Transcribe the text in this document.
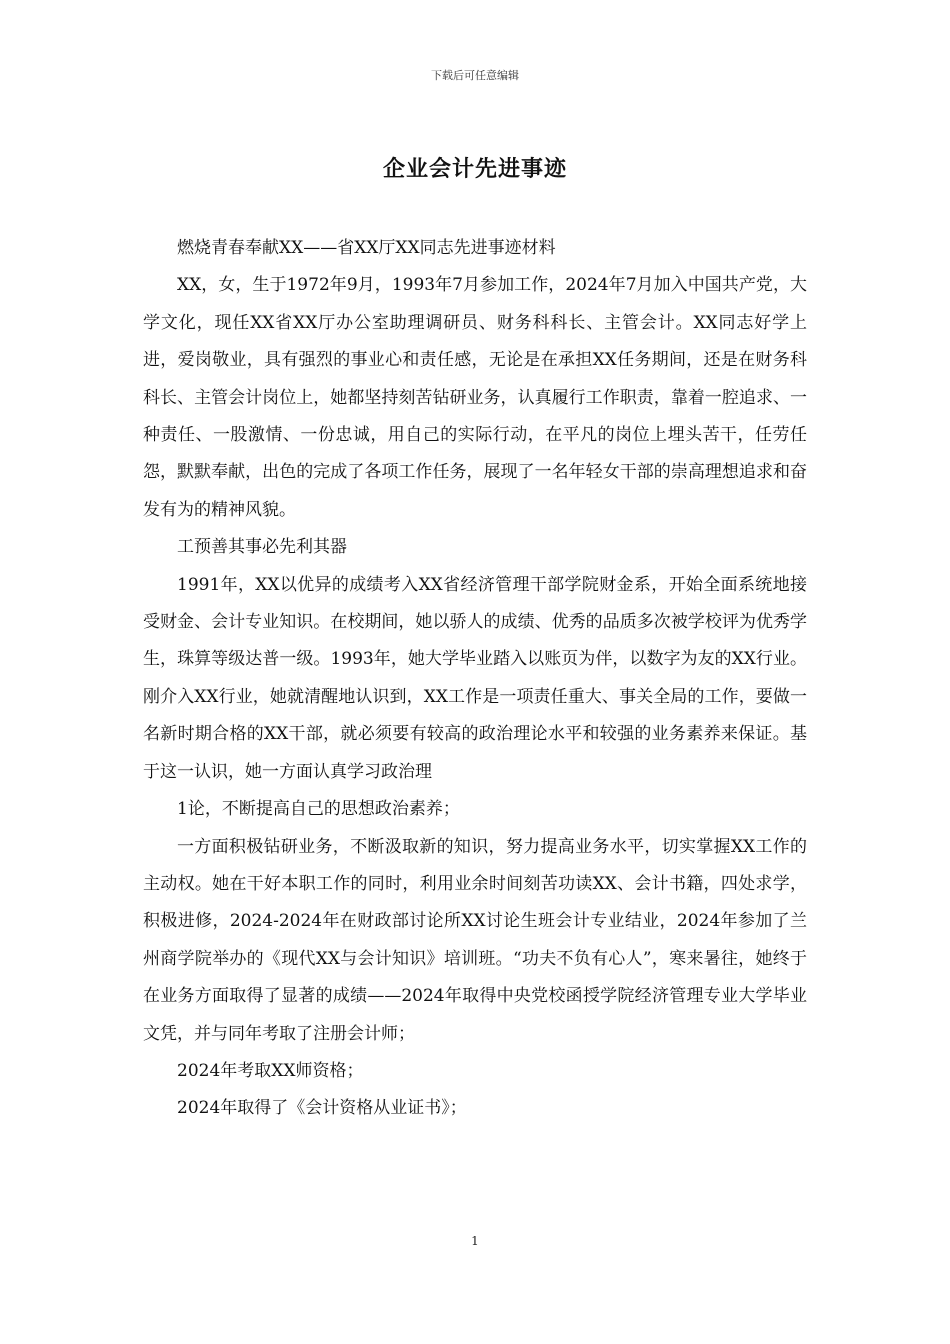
下载后可任意编辑
企业会计先进事迹

燃烧青春奉献XX——省XX厅XX同志先进事迹材料

XX，女，生于1972年9月，1993年7月参加工作，2024年7月加入中国共产党，大学文化，现任XX省XX厅办公室助理调研员、财务科科长、主管会计。XX同志好学上进，爱岗敬业，具有强烈的事业心和责任感，无论是在承担XX任务期间，还是在财务科科长、主管会计岗位上，她都坚持刻苦钻研业务，认真履行工作职责，靠着一腔追求、一种责任、一股激情、一份忠诚，用自己的实际行动，在平凡的岗位上埋头苦干，任劳任怨，默默奉献，出色的完成了各项工作任务，展现了一名年轻女干部的崇高理想追求和奋发有为的精神风貌。

工预善其事必先利其器

1991年，XX以优异的成绩考入XX省经济管理干部学院财金系，开始全面系统地接受财金、会计专业知识。在校期间，她以骄人的成绩、优秀的品质多次被学校评为优秀学生，珠算等级达普一级。1993年，她大学毕业踏入以账页为伴，以数字为友的XX行业。刚介入XX行业，她就清醒地认识到，XX工作是一项责任重大、事关全局的工作，要做一名新时期合格的XX干部，就必须要有较高的政治理论水平和较强的业务素养来保证。基于这一认识，她一方面认真学习政治理

1论，不断提高自己的思想政治素养；

一方面积极钻研业务，不断汲取新的知识，努力提高业务水平，切实掌握XX工作的主动权。她在干好本职工作的同时，利用业余时间刻苦功读XX、会计书籍，四处求学，积极进修，2024-2024年在财政部讨论所XX讨论生班会计专业结业，2024年参加了兰州商学院举办的《现代XX与会计知识》培训班。“功夫不负有心人”，寒来暑往，她终于在业务方面取得了显著的成绩——2024年取得中央党校函授学院经济管理专业大学毕业文凭，并与同年考取了注册会计师；

2024年考取XX师资格；

2024年取得了《会计资格从业证书》；

1
